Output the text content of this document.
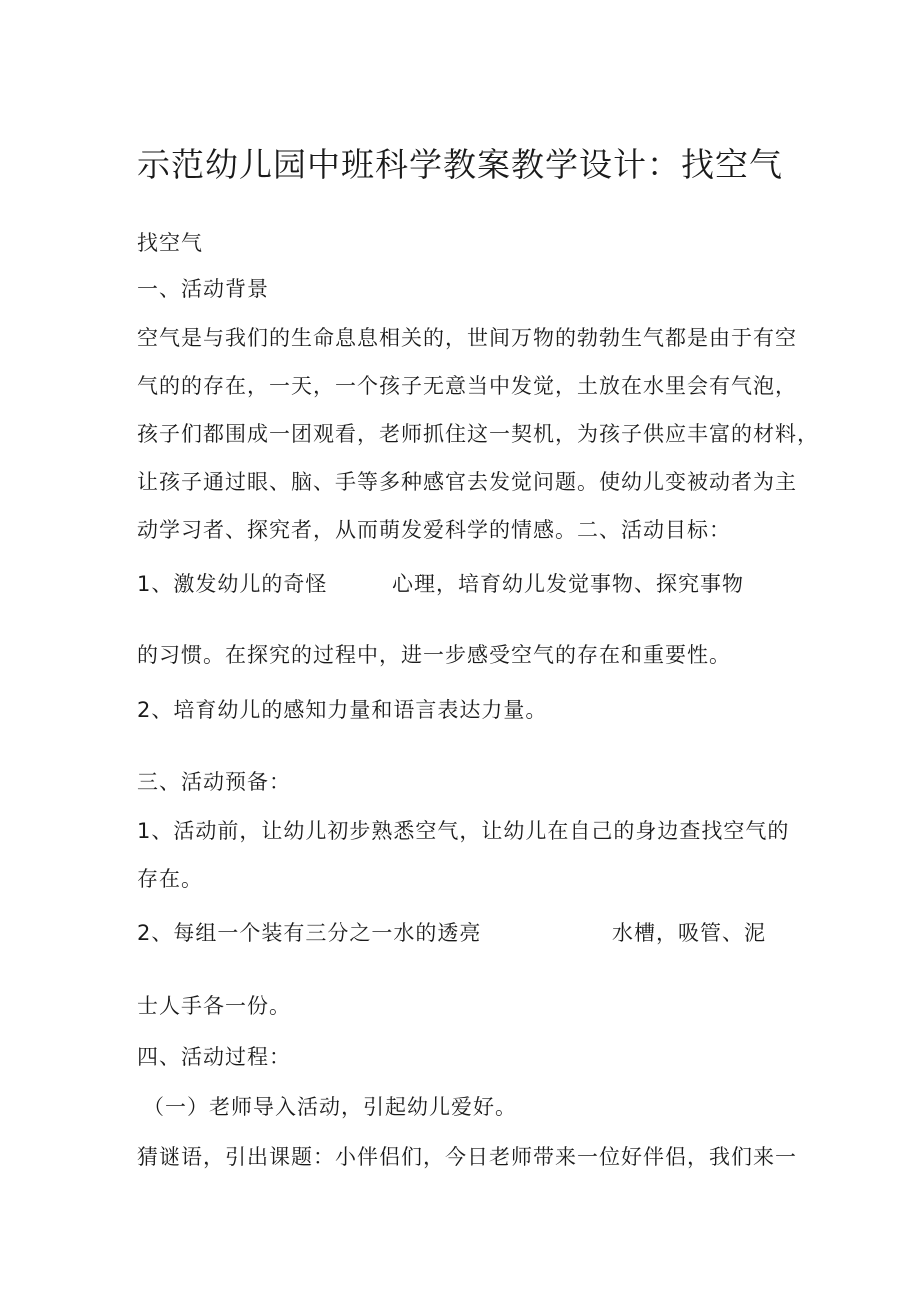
示范幼儿园中班科学教案教学设计：找空气

找空气

一、活动背景

空气是与我们的生命息息相关的，世间万物的勃勃生气都是由于有空

气的的存在，一天，一个孩子无意当中发觉，土放在水里会有气泡，

孩子们都围成一团观看，老师抓住这一契机，为孩子供应丰富的材料，

让孩子通过眼、脑、手等多种感官去发觉问题。使幼儿变被动者为主

动学习者、探究者，从而萌发爱科学的情感。二、活动目标：

1、激发幼儿的奇怪	心理，培育幼儿发觉事物、探究事物

的习惯。在探究的过程中，进一步感受空气的存在和重要性。

2、培育幼儿的感知力量和语言表达力量。

三、活动预备：

1、活动前，让幼儿初步熟悉空气，让幼儿在自己的身边查找空气的

存在。

2、每组一个装有三分之一水的透亮	水槽，吸管、泥

士人手各一份。

四、活动过程：

（一）老师导入活动，引起幼儿爱好。

猜谜语，引出课题：小伴侣们，今日老师带来一位好伴侣，我们来一
